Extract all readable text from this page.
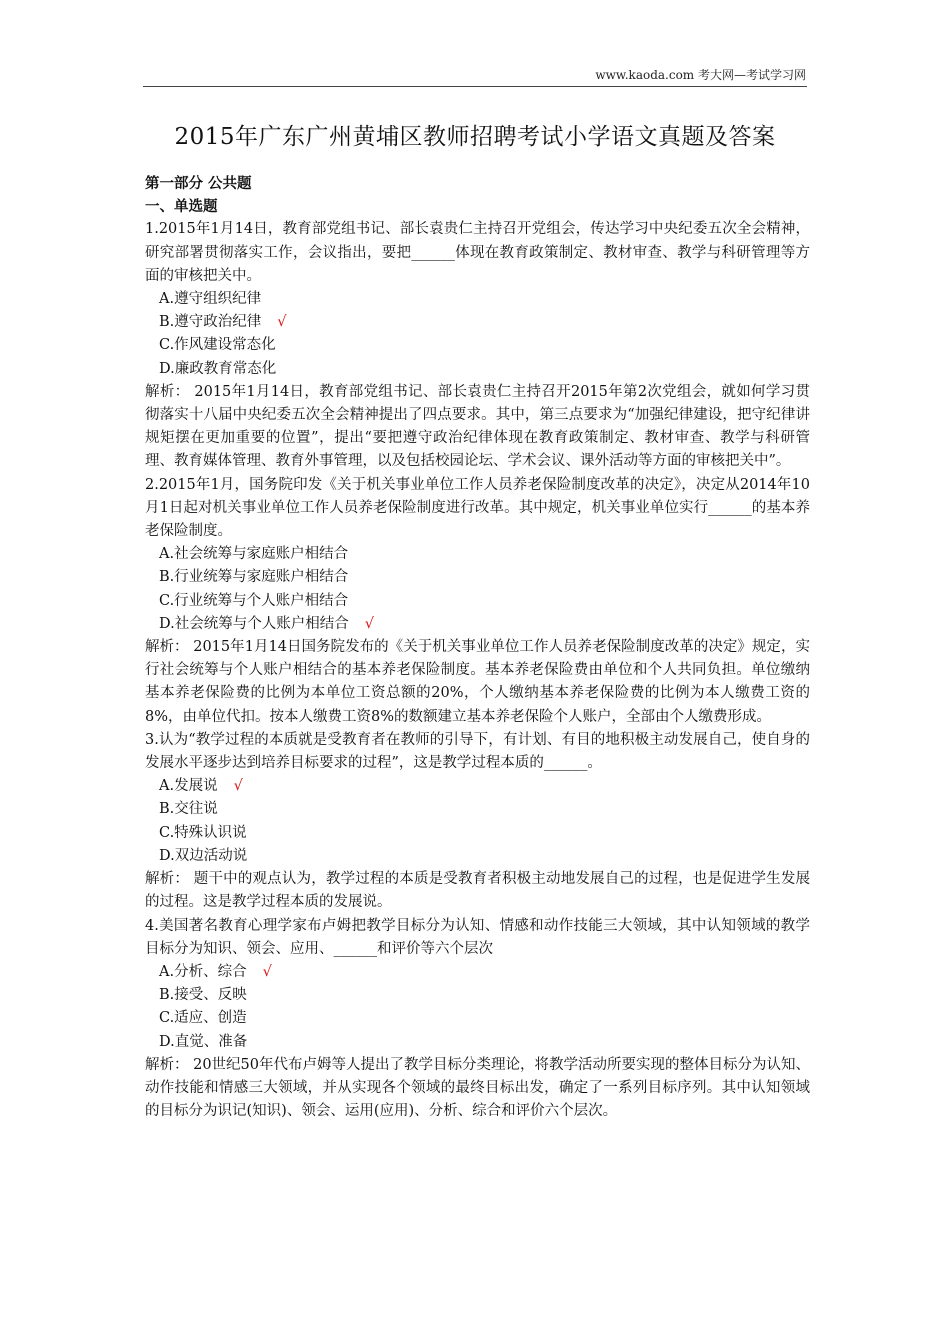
www.kaoda.com 考大网—考试学习网
2015年广东广州黄埔区教师招聘考试小学语文真题及答案

第一部分 公共题

一、单选题

1.2015年1月14日，教育部党组书记、部长袁贵仁主持召开党组会，传达学习中央纪委五次全会精神，研究部署贯彻落实工作，会议指出，要把______体现在教育政策制定、教材审查、教学与科研管理等方面的审核把关中。

A.遵守组织纪律

B.遵守政治纪律 √

C.作风建设常态化

D.廉政教育常态化

解析： 2015年1月14日，教育部党组书记、部长袁贵仁主持召开2015年第2次党组会，就如何学习贯彻落实十八届中央纪委五次全会精神提出了四点要求。其中，第三点要求为“加强纪律建设，把守纪律讲规矩摆在更加重要的位置”，提出“要把遵守政治纪律体现在教育政策制定、教材审查、教学与科研管理、教育媒体管理、教育外事管理，以及包括校园论坛、学术会议、课外活动等方面的审核把关中”。

2.2015年1月，国务院印发《关于机关事业单位工作人员养老保险制度改革的决定》，决定从2014年10月1日起对机关事业单位工作人员养老保险制度进行改革。其中规定，机关事业单位实行______的基本养老保险制度。

A.社会统筹与家庭账户相结合

B.行业统筹与家庭账户相结合

C.行业统筹与个人账户相结合

D.社会统筹与个人账户相结合 √

解析： 2015年1月14日国务院发布的《关于机关事业单位工作人员养老保险制度改革的决定》规定，实行社会统筹与个人账户相结合的基本养老保险制度。基本养老保险费由单位和个人共同负担。单位缴纳基本养老保险费的比例为本单位工资总额的20%，个人缴纳基本养老保险费的比例为本人缴费工资的8%，由单位代扣。按本人缴费工资8%的数额建立基本养老保险个人账户，全部由个人缴费形成。

3.认为“教学过程的本质就是受教育者在教师的引导下，有计划、有目的地积极主动发展自己，使自身的发展水平逐步达到培养目标要求的过程”，这是教学过程本质的______。

A.发展说 √

B.交往说

C.特殊认识说

D.双边活动说

解析： 题干中的观点认为，教学过程的本质是受教育者积极主动地发展自己的过程，也是促进学生发展的过程。这是教学过程本质的发展说。

4.美国著名教育心理学家布卢姆把教学目标分为认知、情感和动作技能三大领域，其中认知领域的教学目标分为知识、领会、应用、______和评价等六个层次

A.分析、综合 √

B.接受、反映

C.适应、创造

D.直觉、准备

解析： 20世纪50年代布卢姆等人提出了教学目标分类理论，将教学活动所要实现的整体目标分为认知、动作技能和情感三大领域，并从实现各个领域的最终目标出发，确定了一系列目标序列。其中认知领域的目标分为识记(知识)、领会、运用(应用)、分析、综合和评价六个层次。
